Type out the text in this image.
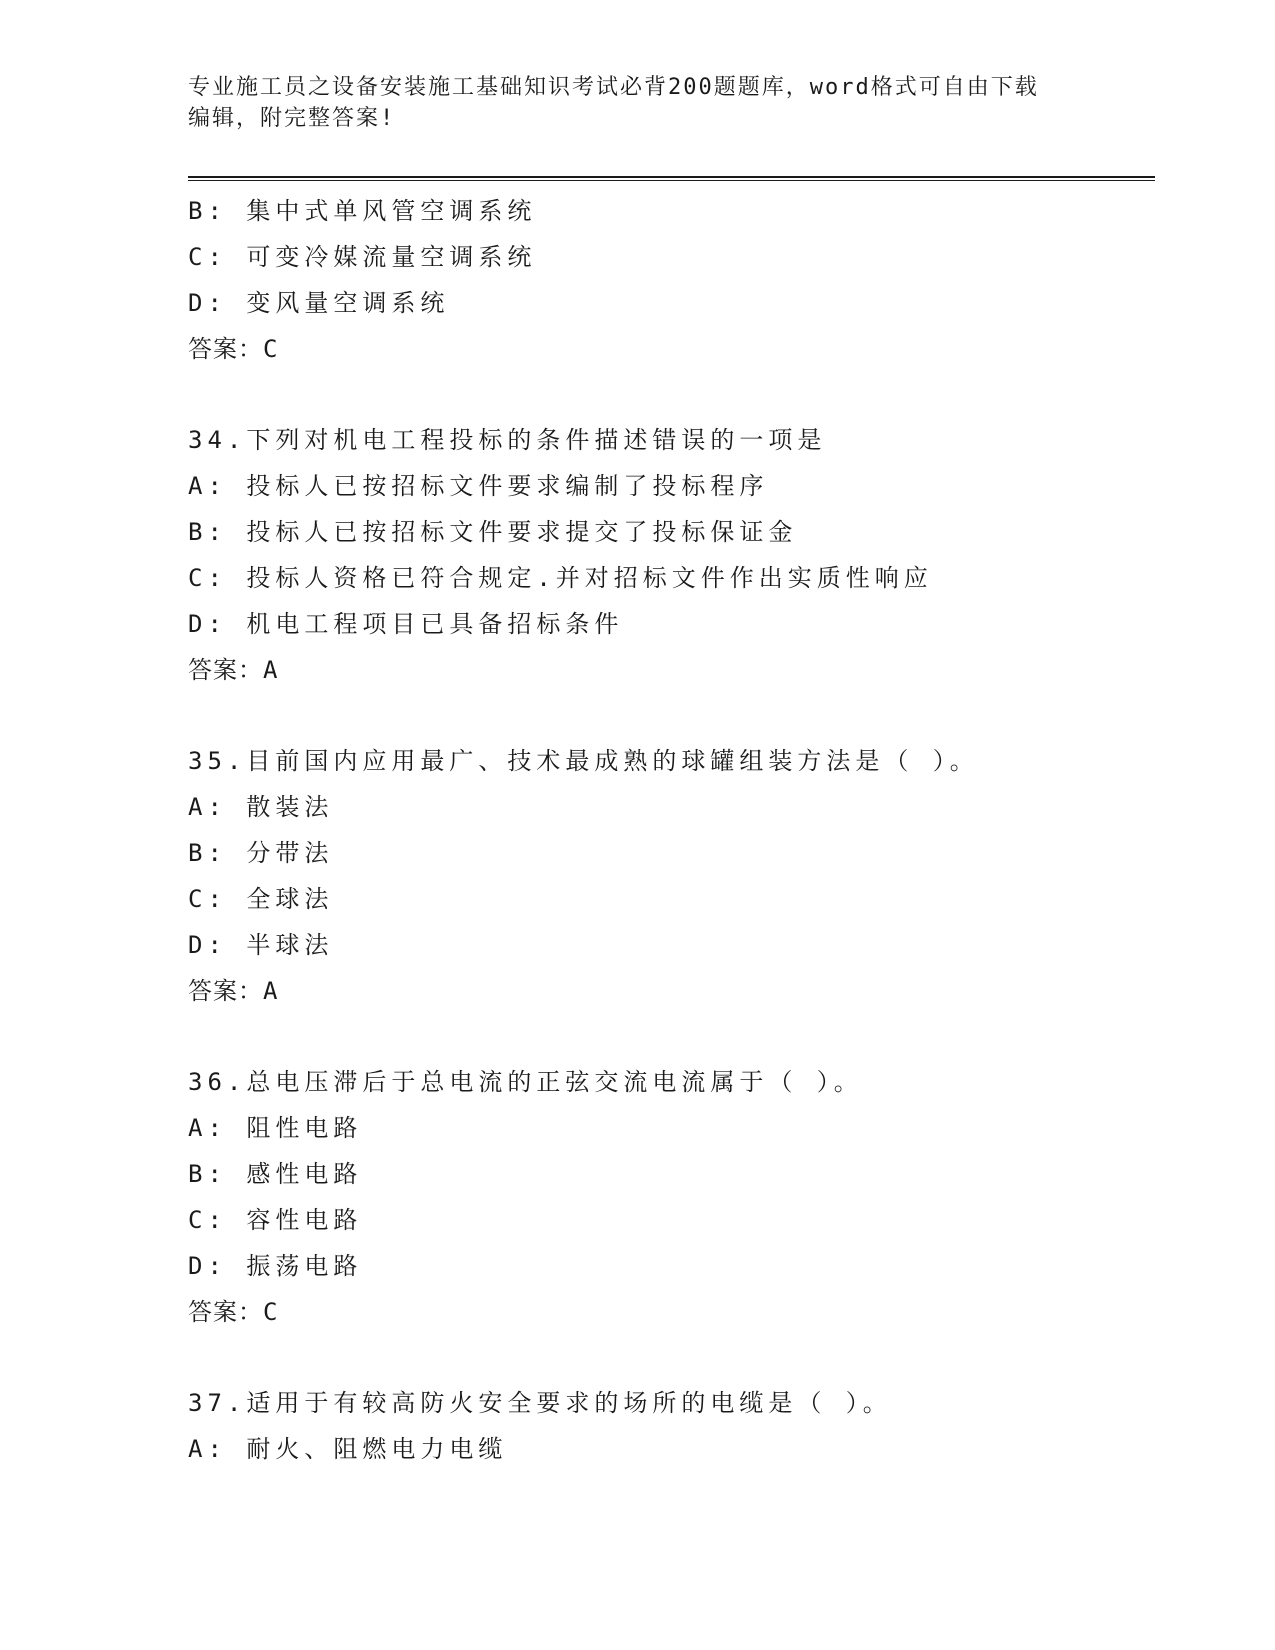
专业施工员之设备安装施工基础知识考试必背200题题库，word格式可自由下载
编辑，附完整答案!
B: 集中式单风管空调系统
C: 可变冷媒流量空调系统
D: 变风量空调系统
答案：C
34.下列对机电工程投标的条件描述错误的一项是
A: 投标人已按招标文件要求编制了投标程序
B: 投标人已按招标文件要求提交了投标保证金
C: 投标人资格已符合规定.并对招标文件作出实质性响应
D: 机电工程项目已具备招标条件
答案：A
35.目前国内应用最广、技术最成熟的球罐组装方法是（ ）。
A: 散装法
B: 分带法
C: 全球法
D: 半球法
答案：A
36.总电压滞后于总电流的正弦交流电流属于（ ）。
A: 阻性电路
B: 感性电路
C: 容性电路
D: 振荡电路
答案：C
37.适用于有较高防火安全要求的场所的电缆是（ ）。
A: 耐火、阻燃电力电缆
